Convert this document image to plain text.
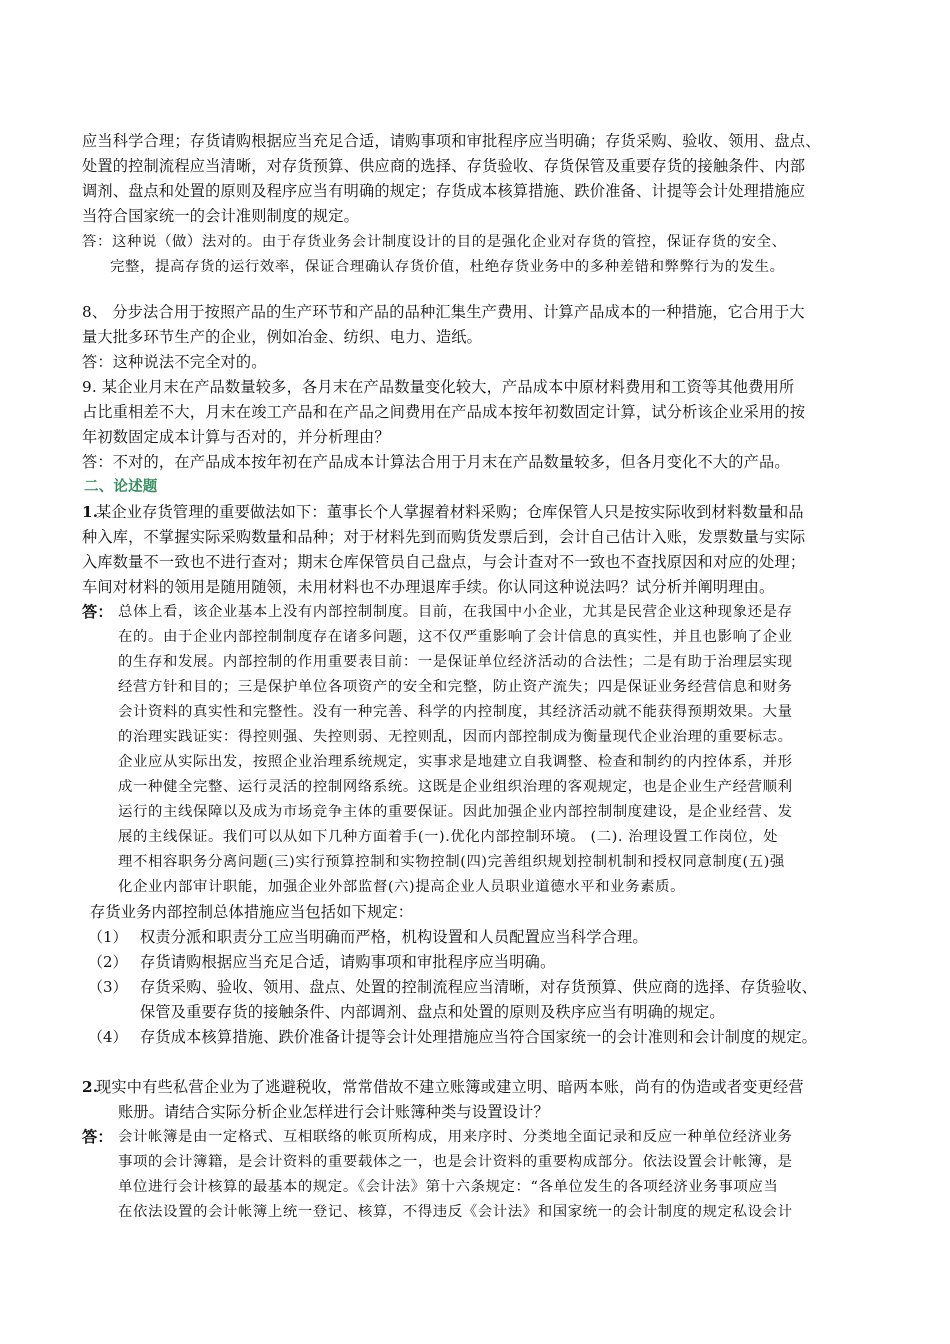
应当科学合理；存货请购根据应当充足合适，请购事项和审批程序应当明确；存货采购、验收、领用、盘点、
处置的控制流程应当清晰，对存货预算、供应商的选择、存货验收、存货保管及重要存货的接触条件、内部
调剂、盘点和处置的原则及程序应当有明确的规定；存货成本核算措施、跌价准备、计提等会计处理措施应
当符合国家统一的会计准则制度的规定。
答：这种说（做）法对的。由于存货业务会计制度设计的目的是强化企业对存货的管控，保证存货的安全、
完整，提高存货的运行效率，保证合理确认存货价值，杜绝存货业务中的多种差错和弊弊行为的发生。
8、 分步法合用于按照产品的生产环节和产品的品种汇集生产费用、计算产品成本的一种措施，它合用于大
量大批多环节生产的企业，例如冶金、纺织、电力、造纸。
答：这种说法不完全对的。
9. 某企业月末在产品数量较多，各月末在产品数量变化较大，产品成本中原材料费用和工资等其他费用所
占比重相差不大，月末在竣工产品和在产品之间费用在产品成本按年初数固定计算，试分析该企业采用的按
年初数固定成本计算与否对的，并分析理由？
答：不对的，在产品成本按年初在产品成本计算法合用于月末在产品数量较多，但各月变化不大的产品。
二、论述题
1.
某企业存货管理的重要做法如下：董事长个人掌握着材料采购；仓库保管人只是按实际收到材料数量和品
种入库，不掌握实际采购数量和品种；对于材料先到而购货发票后到，会计自己估计入账，发票数量与实际
入库数量不一致也不进行查对；期末仓库保管员自己盘点，与会计查对不一致也不查找原因和对应的处理；
车间对材料的领用是随用随领，未用材料也不办理退库手续。你认同这种说法吗？试分析并阐明理由。
答： 总体上看，该企业基本上没有内部控制制度。目前，在我国中小企业，尤其是民营企业这种现象还是存
在的。由于企业内部控制制度存在诸多问题，这不仅严重影响了会计信息的真实性，并且也影响了企业
的生存和发展。内部控制的作用重要表目前：一是保证单位经济活动的合法性；二是有助于治理层实现
经营方针和目的；三是保护单位各项资产的安全和完整，防止资产流失；四是保证业务经营信息和财务
会计资料的真实性和完整性。没有一种完善、科学的内控制度，其经济活动就不能获得预期效果。大量
的治理实践证实：得控则强、失控则弱、无控则乱，因而内部控制成为衡量现代企业治理的重要标志。
企业应从实际出发，按照企业治理系统规定，实事求是地建立自我调整、检查和制约的内控体系，并形
成一种健全完整、运行灵活的控制网络系统。这既是企业组织治理的客观规定，也是企业生产经营顺利
运行的主线保障以及成为市场竞争主体的重要保证。因此加强企业内部控制制度建设，是企业经营、发
展的主线保证。我们可以从如下几种方面着手(一).优化内部控制环境。 (二). 治理设置工作岗位，处
理不相容职务分离问题(三)实行预算控制和实物控制(四)完善组织规划控制机制和授权同意制度(五)强
化企业内部审计职能，加强企业外部监督(六)提高企业人员职业道德水平和业务素质。
存货业务内部控制总体措施应当包括如下规定：
（1） 权责分派和职责分工应当明确而严格，机构设置和人员配置应当科学合理。
（2） 存货请购根据应当充足合适，请购事项和审批程序应当明确。
（3） 存货采购、验收、领用、盘点、处置的控制流程应当清晰，对存货预算、供应商的选择、存货验收、
保管及重要存货的接触条件、内部调剂、盘点和处置的原则及秩序应当有明确的规定。
（4） 存货成本核算措施、跌价准备计提等会计处理措施应当符合国家统一的会计准则和会计制度的规定。
2.
现实中有些私营企业为了逃避税收，常常借故不建立账簿或建立明、暗两本账，尚有的伪造或者变更经营
账册。请结合实际分析企业怎样进行会计账簿种类与设置设计？
答： 会计帐簿是由一定格式、互相联络的帐页所构成，用来序时、分类地全面记录和反应一种单位经济业务
事项的会计簿籍，是会计资料的重要载体之一，也是会计资料的重要构成部分。依法设置会计帐簿，是
单位进行会计核算的最基本的规定。《会计法》第十六条规定：“各单位发生的各项经济业务事项应当
在依法设置的会计帐簿上统一登记、核算，不得违反《会计法》和国家统一的会计制度的规定私设会计
